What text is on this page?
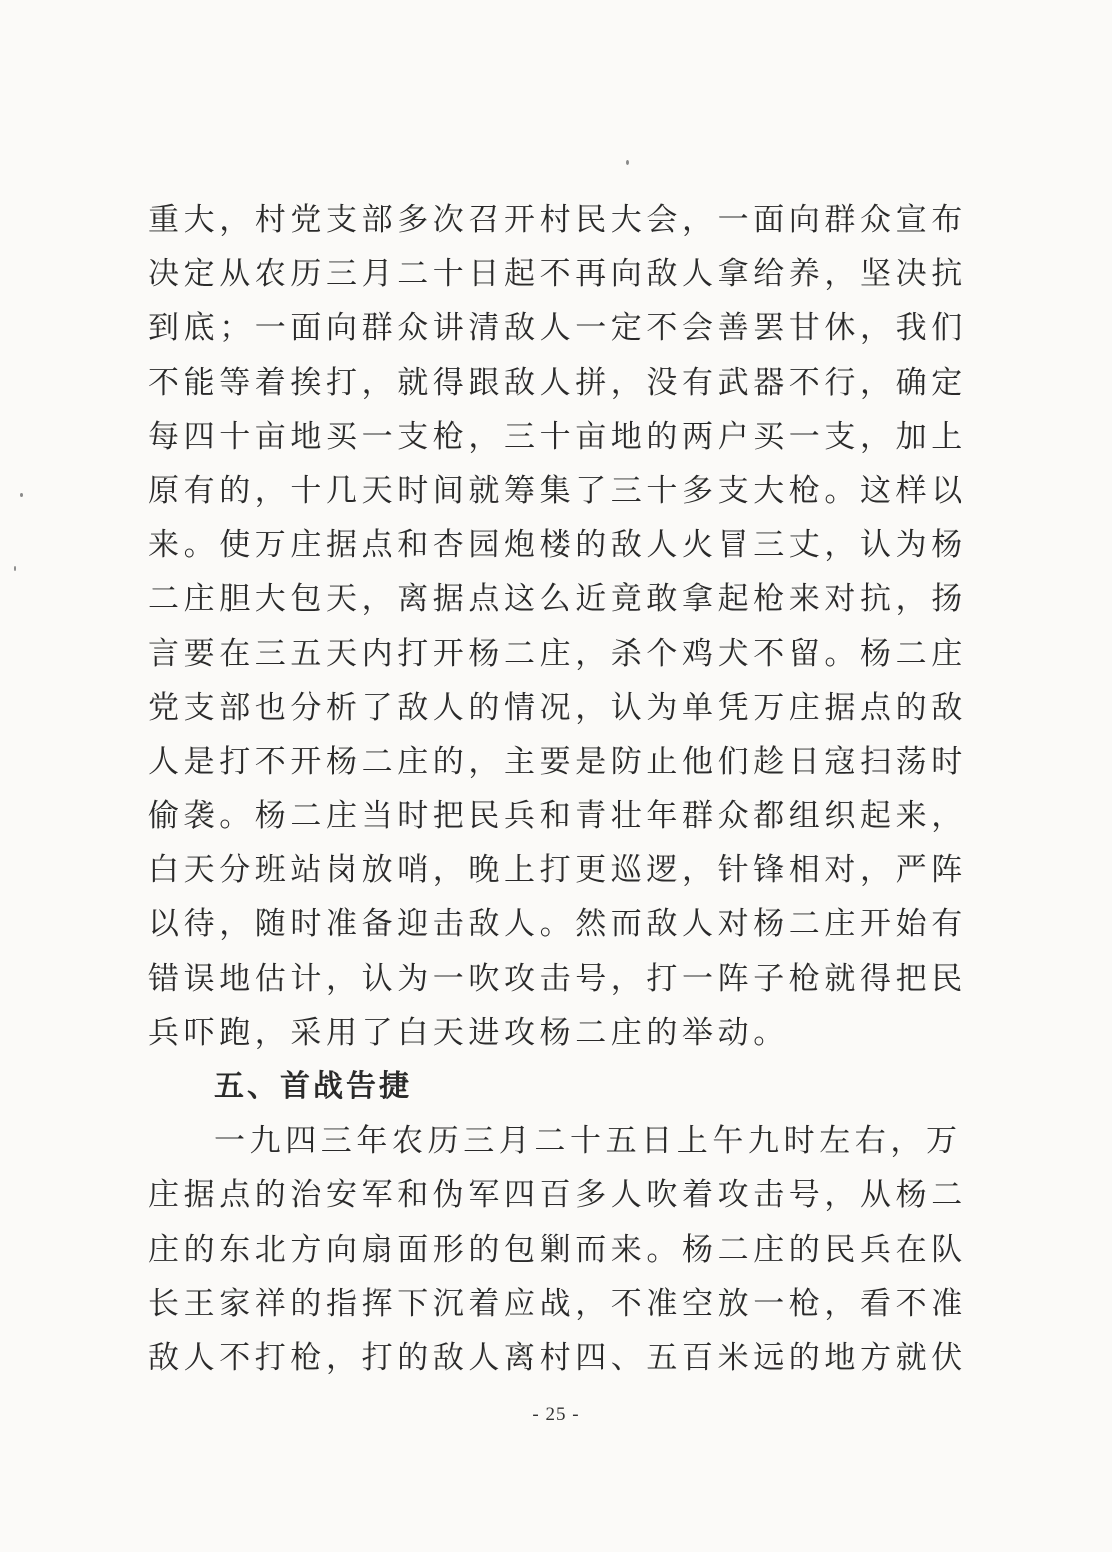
重大，村党支部多次召开村民大会，一面向群众宣布
决定从农历三月二十日起不再向敌人拿给养，坚决抗
到底；一面向群众讲清敌人一定不会善罢甘休，我们
不能等着挨打，就得跟敌人拼，没有武器不行，确定
每四十亩地买一支枪，三十亩地的两户买一支，加上
原有的，十几天时间就筹集了三十多支大枪。这样以
来。使万庄据点和杏园炮楼的敌人火冒三丈，认为杨
二庄胆大包天，离据点这么近竟敢拿起枪来对抗，扬
言要在三五天内打开杨二庄，杀个鸡犬不留。杨二庄
党支部也分析了敌人的情况，认为单凭万庄据点的敌
人是打不开杨二庄的，主要是防止他们趁日寇扫荡时
偷袭。杨二庄当时把民兵和青壮年群众都组织起来，
白天分班站岗放哨，晚上打更巡逻，针锋相对，严阵
以待，随时准备迎击敌人。然而敌人对杨二庄开始有
错误地估计，认为一吹攻击号，打一阵子枪就得把民
兵吓跑，采用了白天进攻杨二庄的举动。
五、首战告捷
一九四三年农历三月二十五日上午九时左右，万
庄据点的治安军和伪军四百多人吹着攻击号，从杨二
庄的东北方向扇面形的包剿而来。杨二庄的民兵在队
长王家祥的指挥下沉着应战，不准空放一枪，看不准
敌人不打枪，打的敌人离村四、五百米远的地方就伏
- 25 -
